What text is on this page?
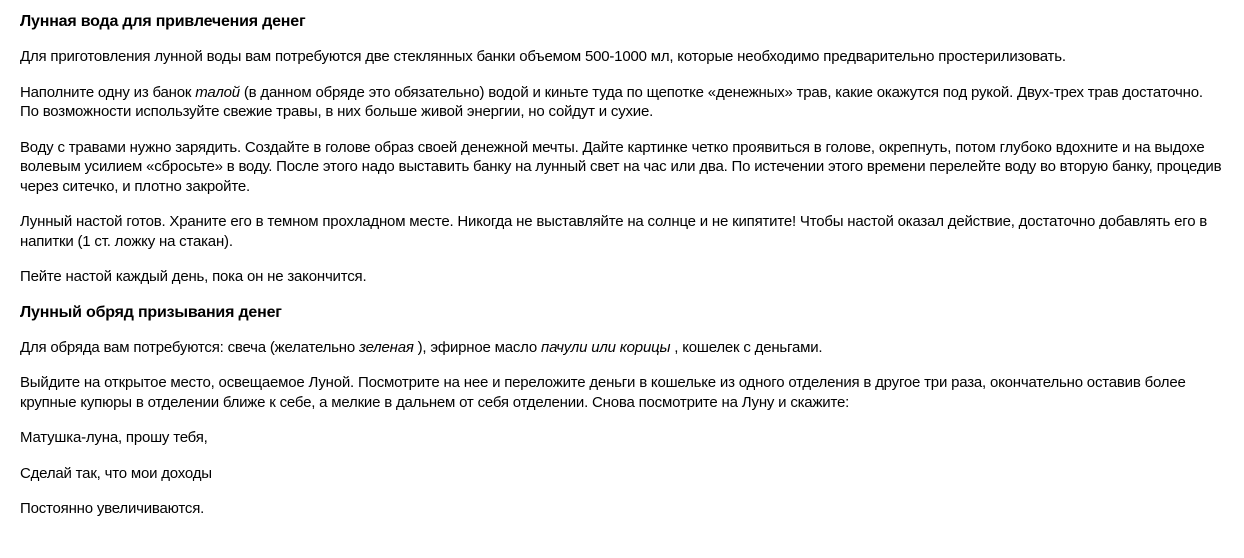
Лунная вода для привлечения денег

Для приготовления лунной воды вам потребуются две стеклянных банки объемом 500-1000 мл, которые необходимо предварительно простерилизовать.

Наполните одну из банок талой (в данном обряде это обязательно) водой и киньте туда по щепотке «денежных» трав, какие окажутся под рукой. Двух-трех трав достаточно. По возможности используйте свежие травы, в них больше живой энергии, но сойдут и сухие.

Воду с травами нужно зарядить. Создайте в голове образ своей денежной мечты. Дайте картинке четко проявиться в голове, окрепнуть, потом глубоко вдохните и на выдохе волевым усилием «сбросьте» в воду. После этого надо выставить банку на лунный свет на час или два. По истечении этого времени перелейте воду во вторую банку, процедив через ситечко, и плотно закройте.

Лунный настой готов. Храните его в темном прохладном месте. Никогда не выставляйте на солнце и не кипятите! Чтобы настой оказал действие, достаточно добавлять его в напитки (1 ст. ложку на стакан).

Пейте настой каждый день, пока он не закончится.

Лунный обряд призывания денег

Для обряда вам потребуются: свеча (желательно зеленая ), эфирное масло пачули или корицы , кошелек с деньгами.

Выйдите на открытое место, освещаемое Луной. Посмотрите на нее и переложите деньги в кошельке из одного отделения в другое три раза, окончательно оставив более крупные купюры в отделении ближе к себе, а мелкие в дальнем от себя отделении. Снова посмотрите на Луну и скажите:

Матушка-луна, прошу тебя,

Сделай так, что мои доходы

Постоянно увеличиваются.
